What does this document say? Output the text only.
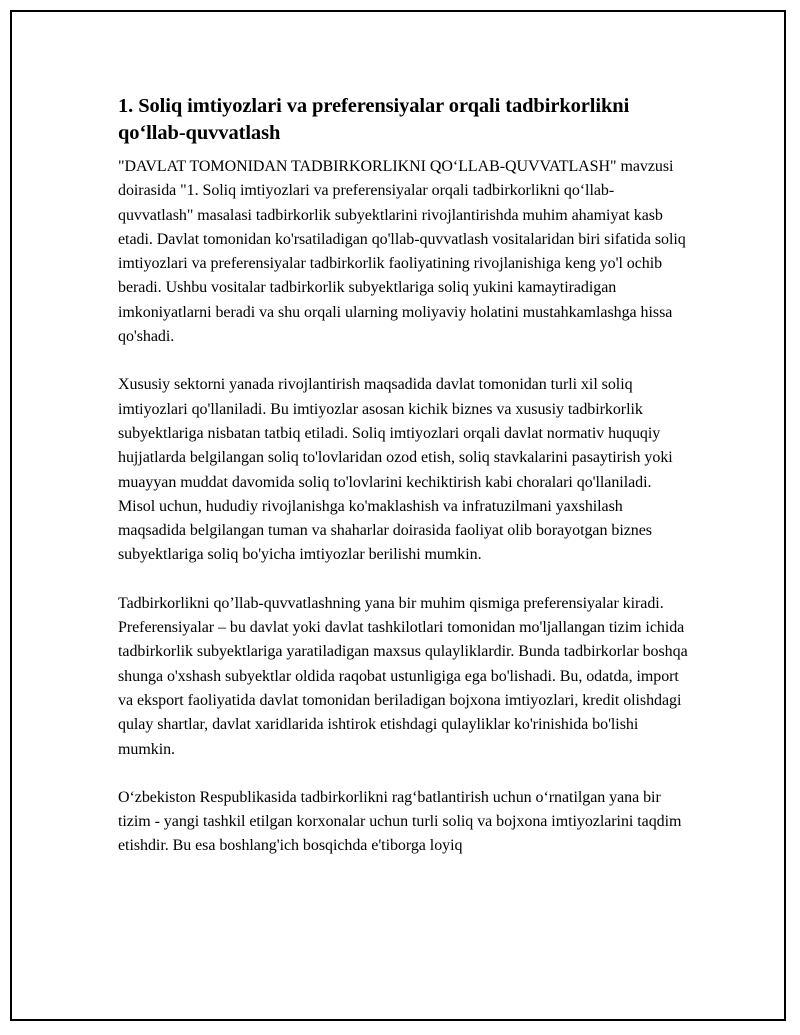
1. Soliq imtiyozlari va preferensiyalar orqali tadbirkorlikni qo‘llab-quvvatlash

"DAVLAT TOMONIDAN TADBIRKORLIKNI QO‘LLAB-QUVVATLASH" mavzusi doirasida "1. Soliq imtiyozlari va preferensiyalar orqali tadbirkorlikni qo‘llab-quvvatlash" masalasi tadbirkorlik subyektlarini rivojlantirishda muhim ahamiyat kasb etadi. Davlat tomonidan ko'rsatiladigan qo'llab-quvvatlash vositalaridan biri sifatida soliq imtiyozlari va preferensiyalar tadbirkorlik faoliyatining rivojlanishiga keng yo'l ochib beradi. Ushbu vositalar tadbirkorlik subyektlariga soliq yukini kamaytiradigan imkoniyatlarni beradi va shu orqali ularning moliyaviy holatini mustahkamlashga hissa qo'shadi.

Xususiy sektorni yanada rivojlantirish maqsadida davlat tomonidan turli xil soliq imtiyozlari qo'llaniladi. Bu imtiyozlar asosan kichik biznes va xususiy tadbirkorlik subyektlariga nisbatan tatbiq etiladi. Soliq imtiyozlari orqali davlat normativ huquqiy hujjatlarda belgilangan soliq to'lovlaridan ozod etish, soliq stavkalarini pasaytirish yoki muayyan muddat davomida soliq to'lovlarini kechiktirish kabi choralari qo'llaniladi. Misol uchun, hududiy rivojlanishga ko'maklashish va infratuzilmani yaxshilash maqsadida belgilangan tuman va shaharlar doirasida faoliyat olib borayotgan biznes subyektlariga soliq bo'yicha imtiyozlar berilishi mumkin.

Tadbirkorlikni qo’llab-quvvatlashning yana bir muhim qismiga preferensiyalar kiradi. Preferensiyalar – bu davlat yoki davlat tashkilotlari tomonidan mo'ljallangan tizim ichida tadbirkorlik subyektlariga yaratiladigan maxsus qulayliklardir. Bunda tadbirkorlar boshqa shunga o'xshash subyektlar oldida raqobat ustunligiga ega bo'lishadi. Bu, odatda, import va eksport faoliyatida davlat tomonidan beriladigan bojxona imtiyozlari, kredit olishdagi qulay shartlar, davlat xaridlarida ishtirok etishdagi qulayliklar ko'rinishida bo'lishi mumkin.

O‘zbekiston Respublikasida tadbirkorlikni rag‘batlantirish uchun o‘rnatilgan yana bir tizim - yangi tashkil etilgan korxonalar uchun turli soliq va bojxona imtiyozlarini taqdim etishdir. Bu esa boshlang'ich bosqichda e'tiborga loyiq
